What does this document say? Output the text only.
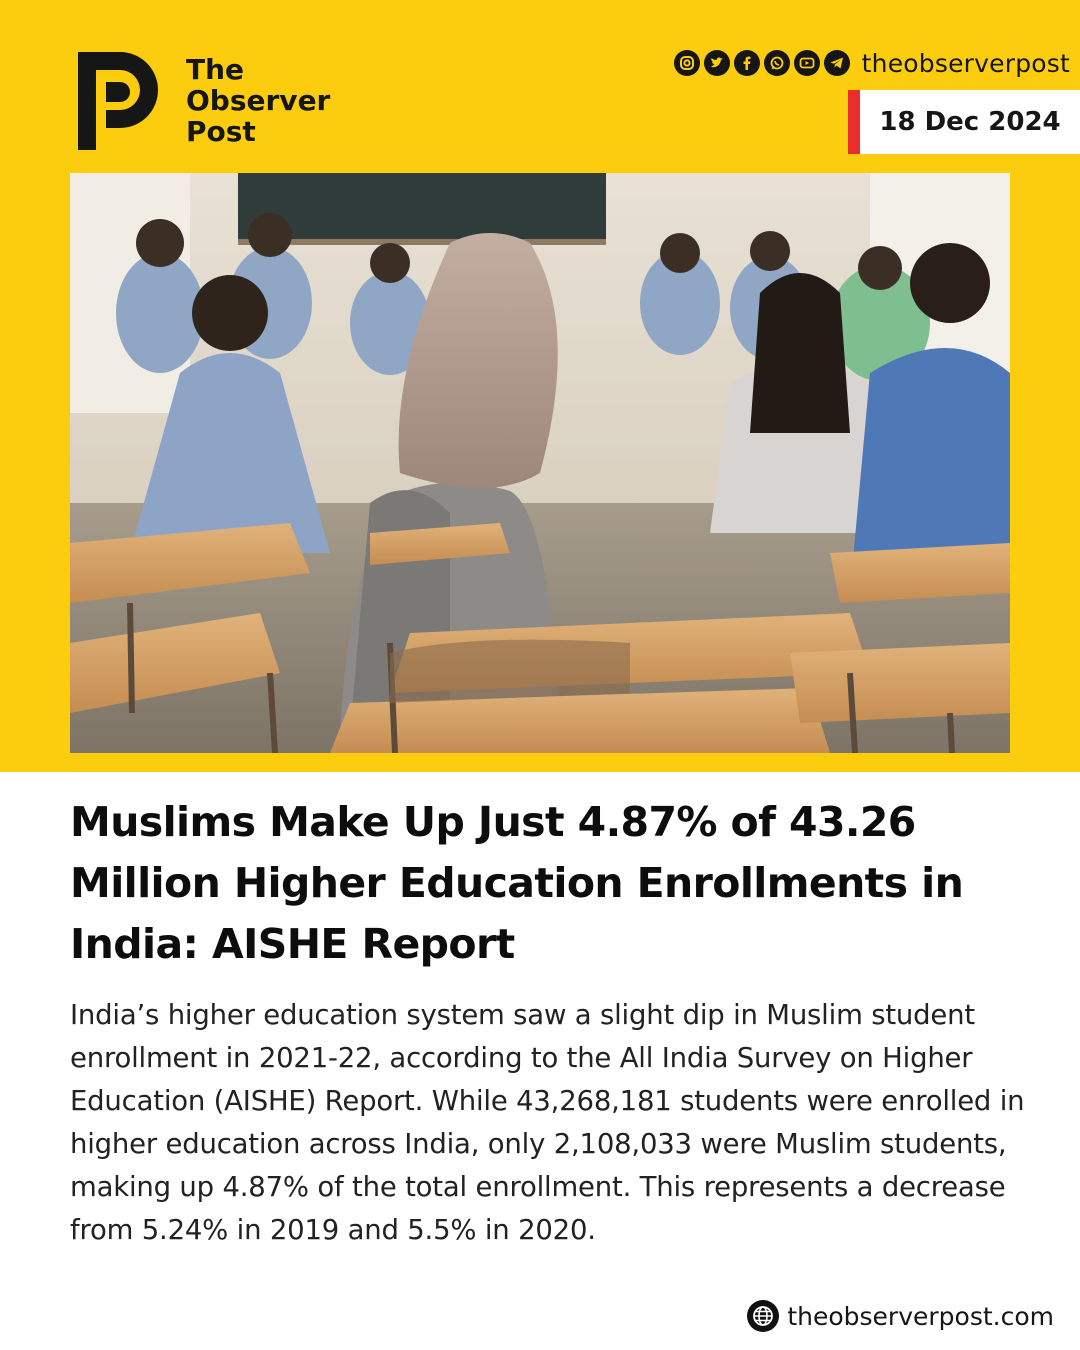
The
Observer
Post
theobserverpost
18 Dec 2024
Muslims Make Up Just 4.87% of 43.26 Million Higher Education Enrollments in India: AISHE Report
India’s higher education system saw a slight dip in Muslim student enrollment in 2021-22, according to the All India Survey on Higher Education (AISHE) Report. While 43,268,181 students were enrolled in higher education across India, only 2,108,033 were Muslim students, making up 4.87% of the total enrollment. This represents a decrease from 5.24% in 2019 and 5.5% in 2020.
theobserverpost.com
